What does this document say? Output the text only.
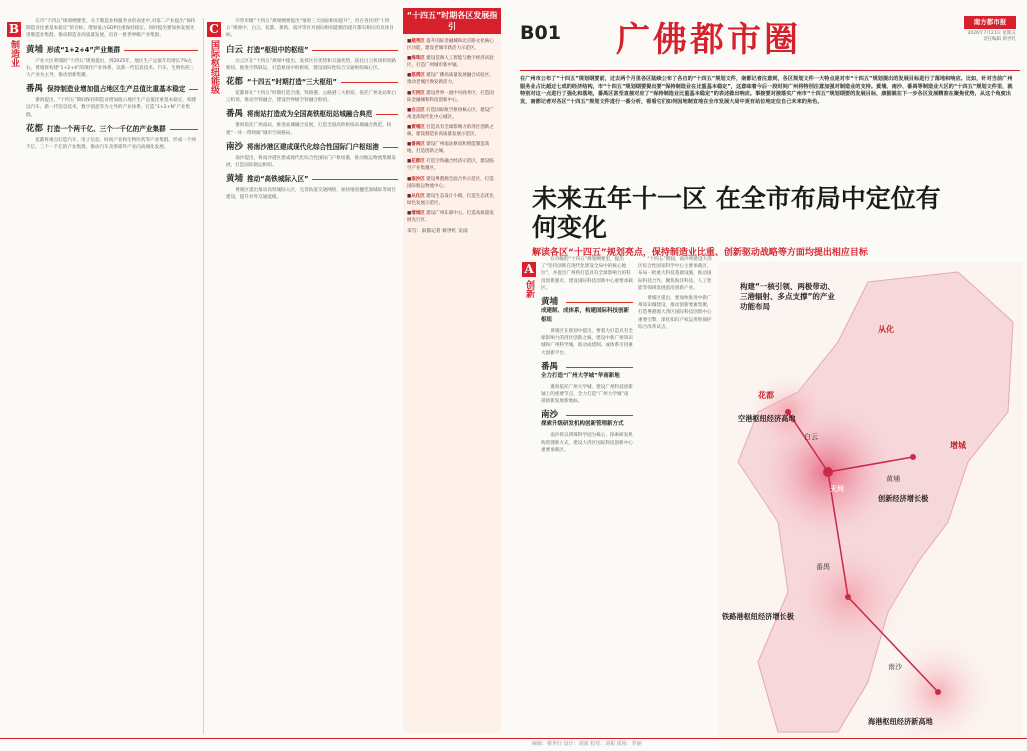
B
制造业

在市“十四五”规划纲要里，关于制造业和服务业的表述中,对第二产业提出“保持制造业比重基本稳定”的目标，增加值占GDP比重保持稳定。同时提出要加快发展先进制造业集群，推动制造业高质量发展，培育一批世界级产业集群。

黄埔 形成“1+2+4”产业集群

产业大区黄埔的“十四五”规划提出，到2025年，地区生产总值年均增长7%左右。黄埔将构建“1+2+4”的现代产业体系，以新一代信息技术、汽车、生物医药三大产业为主导，推动创新集聚。

番禺 保持制造业增加值占地区生产总值比重基本稳定

番禺提出，“十四五”期间保持制造业增加值占地区生产总值比重基本稳定，构建以汽车、新一代信息技术、数字创意等为主导的产业体系，打造“1+2+N”产业集群。

花都 打造一个两千亿、三个一千亿的产业集群

花都将重点打造汽车、电子信息、时尚产业和生物医药等产业集群，形成一个两千亿、三个一千亿的产业集群，推动汽车及零部件产业向高端化发展。

C
国际枢纽能级

尽管市级“十四五”规划纲要提出“推进三大国际枢纽提升”，但在各区的“十四五”规划中，白云、花都、番禺、南沙等区对国际枢纽能级的提升都有相应的具体目标。

白云 打造“枢纽中的枢纽”

白云区在“十四五”规划中提出，发挥区位优势和交通优势，依托白云机场和铁路枢纽，推进空铁联运，打造枢纽中的枢纽，建设国际性综合交通枢纽核心区。

花都 “十四五”时期打造“三大枢纽”

花都将在“十四五”时期打造空港、铁路港、公路港三大枢纽，依托广州北站和白云机场，推动空铁融合，建设世界级空铁融合枢纽。

番禺 将南站打造成为全国高铁枢纽站城融合典范

番禺依托广州南站，推进站城融合发展，打造全国高铁枢纽站城融合典范，构建“一环一带两廊”城市空间格局。

南沙 将南沙港区建成现代化综合性国际门户枢纽港

南沙提出，将南沙港区建成现代化综合性国际门户枢纽港，推动航运物流集聚发展，打造国际航运枢纽。

黄埔 推动“高铁城际入区”

黄埔区提出推动高铁城际入区，完善轨道交通网络，加快推进穗莞深城际等项目建设，提升对外交通能级。

“十四五”时期各区发展指引
■越秀区 提升国际金融城和北京路文化核心区功能，建设老城市新活力示范区。
■海珠区 建设琶洲人工智能与数字经济试验区，打造广州城市新中轴。
■荔湾区 建设广佛高质量发展融合试验区，推动老城区焕发新活力。
■天河区 建设世界一流中央商务区，打造国际金融城和科技创新中心。
■白云区 打造国际航空枢纽核心区，建设广州北部现代化中心城区。
■黄埔区 打造具有全球影响力的湾区创新之核，建设制造业高质量发展示范区。
■番禺区 建设广州南站枢纽和智能制造高地，打造创新之城。
■花都区 打造空铁融合经济示范区，建设临空产业集聚区。
■南沙区 建设粤港澳全面合作示范区，打造国际航运物流中心。
■从化区 建设生态设计小镇，打造生态优先绿色发展示范区。
■增城区 建设广州东部中心，打造高质量发展先行区。
采写：南都记者 蔡世红 吴雨
B01 广佛都市圈	南方都市报
2026年7月21日 星期五
责任编辑 蔡世红
在广州市公布了“十四五”规划纲要前，过去两个月里各区陆续公布了各自的“十四五”规划文件，南都记者注意到，各区规划文件一大特点是对市“十四五”规划提出的发展目标进行了落地和响应。比如，针对当前广州服务业占比超过七成的经济结构，市“十四五”规划纲要提出要“保持制造业在比重基本稳定”，这意味着今后一段时间广州将特别注意加强对制造业的支持。黄埔、南沙、番禺等制造业大区的“十四五”规划文件里，就特别对这一点进行了强化和落地，番禺区甚至直接对应了“保持制造业比重基本稳定”的表述做出响应。事接要对接落实广州市“十四五”规划纲要的发展目标，康据就在下一步各区发展精准在聚焦优势，从这个角度出发，南都记者对各区“十四五”规划文件进行一番分析，看看它们如何因地制宜地在全市发展大局中更有站位地定位自己未来的角色。
未来五年十一区 在全市布局中定位有何变化
解读各区“十四五”规划亮点，保持制造业比重、创新驱动战略等方面均提出相应目标
A
创新

在市级的“十四五”规划纲要里，提出了“坚持创新在现代化建设全局中的核心地位”，并提出广州将打造具有全球影响力的科技创新强市，建设国际科技创新中心重要承载区。

黄埔
成建制、成体系，构建国际科技创新枢纽

黄埔区在规划中提出，要着力打造具有全球影响力的湾区创新之核，建设中新广州知识城和广州科学城，推动成建制、成体系引进重大创新平台。

番禺
全力打造“广州大学城”华南新地

番禺依托广州大学城，建设广州科技创新轴上的重要节点，全力打造“广州大学城”南部创新发展新地标。

南沙
探索升级研发机构创新管理新方式

南沙将以明珠科学园为核心，探索研发机构管理新方式，建设大湾区国际科技创新中心重要承载区。

“十四五”期间，南沙将建设大湾区综合性国家科学中心主要承载区，布局一批重大科技基础设施，推动国际科技合作，聚焦海洋科技、人工智能等领域发展前沿创新产业。

黄埔区提出，要加快推进中新广州知识城建设，推动创新要素集聚，打造粤港澳大湾区国际科技创新中心重要引擎，深化知识产权运用和保护综合改革试点。	从化
增城
花都
白云
天河
黄埔
番禺
南沙
空港枢纽经济高地
创新经济增长极
铁路港枢纽经济增长极
海港枢纽经济新高地
构建“一核引领、两极带动、三港辐射、多点支撑”的产业功能布局
编辑：蔡世红 设计：刘冰 校对：刘振 质检：罗丽
